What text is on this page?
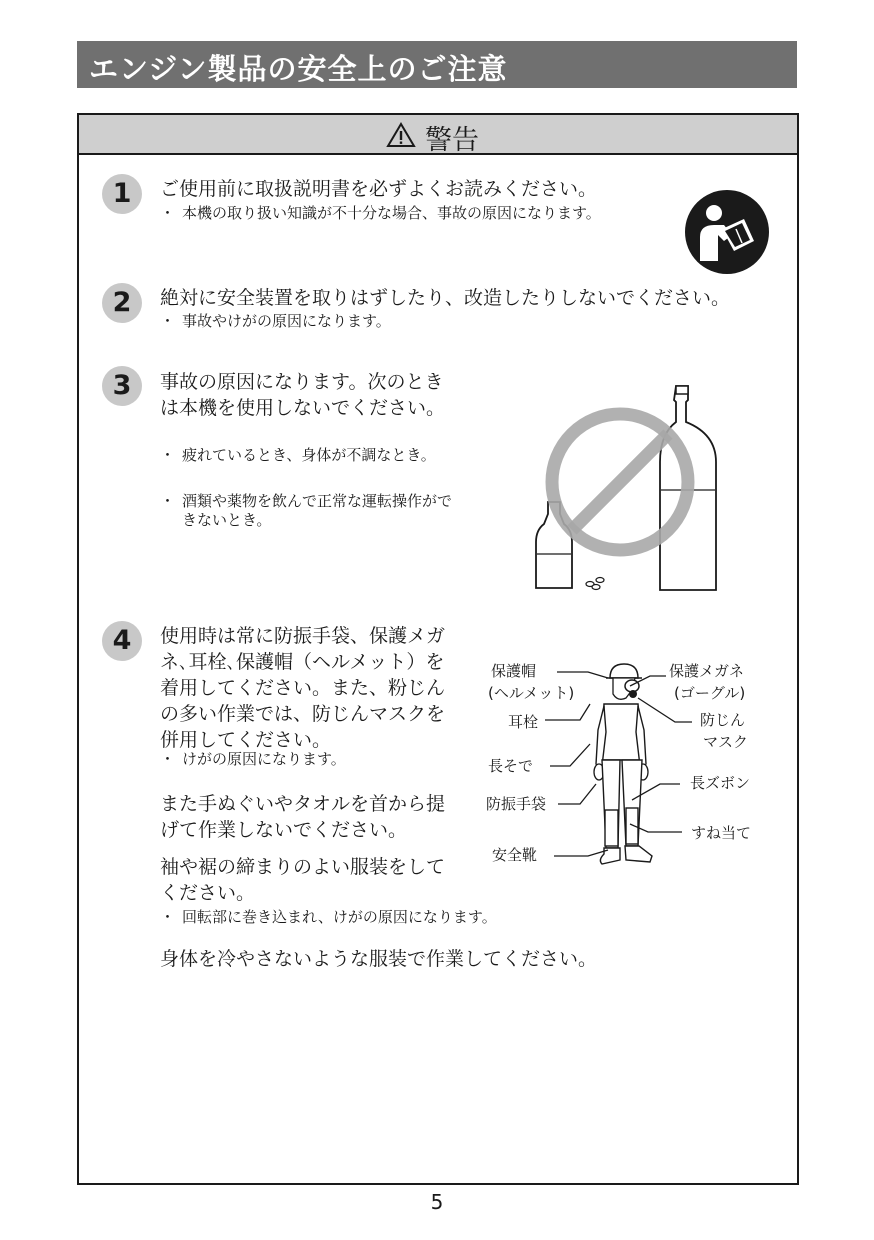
エンジン製品の安全上のご注意
警告
1	ご使用前に取扱説明書を必ずよくお読みください。
・ 本機の取り扱い知識が不十分な場合、事故の原因になります。
2	絶対に安全装置を取りはずしたり、改造したりしないでください。
・ 事故やけがの原因になります。
3	事故の原因になります。次のときは本機を使用しないでください。
・ 疲れているとき、身体が不調なとき。
・ 酒類や薬物を飲んで正常な運転操作ができないとき。
4	使用時は常に防振手袋、保護メガネ､耳栓､保護帽（ヘルメット）を着用してください。また、粉じんの多い作業では、防じんマスクを併用してください。
・ けがの原因になります。
また手ぬぐいやタオルを首から提げて作業しないでください。
袖や裾の締まりのよい服装をしてください。
・ 回転部に巻き込まれ、けがの原因になります。
身体を冷やさないような服装で作業してください。
保護帽
(ヘルメット)
保護メガネ
(ゴーグル)
耳栓	防じん
マスク
長そで
長ズボン
防振手袋
すね当て
安全靴
5
